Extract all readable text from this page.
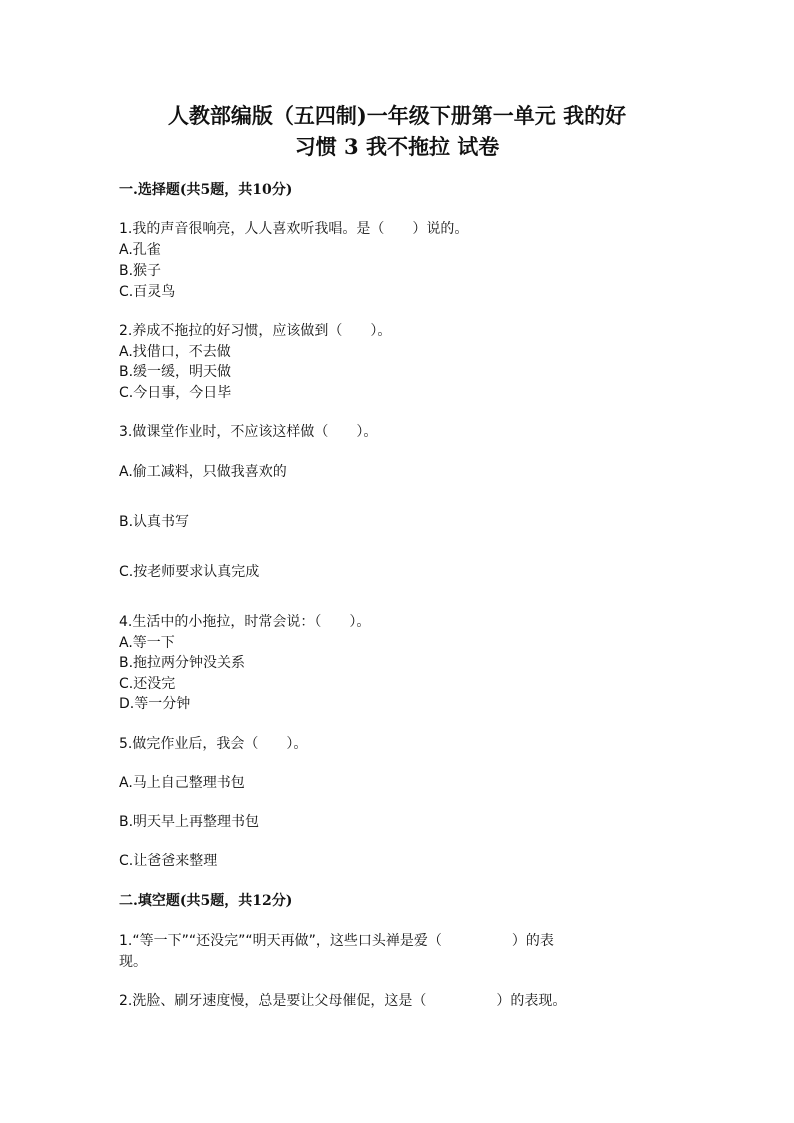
人教部编版（五四制)一年级下册第一单元 我的好
习惯 3 我不拖拉 试卷
一.选择题(共5题，共10分)
1.我的声音很响亮，人人喜欢听我唱。是（　　）说的。
A.孔雀
B.猴子
C.百灵鸟
2.养成不拖拉的好习惯，应该做到（　　）。
A.找借口，不去做
B.缓一缓，明天做
C.今日事，今日毕
3.做课堂作业时，不应该这样做（　　）。
A.偷工减料，只做我喜欢的
B.认真书写
C.按老师要求认真完成
4.生活中的小拖拉，时常会说：（　　）。
A.等一下
B.拖拉两分钟没关系
C.还没完
D.等一分钟
5.做完作业后，我会（　　）。
A.马上自己整理书包
B.明天早上再整理书包
C.让爸爸来整理
二.填空题(共5题，共12分)
1.“等一下”“还没完”“明天再做”，这些口头禅是爱（　　　　　）的表
现。
2.洗脸、刷牙速度慢，总是要让父母催促，这是（　　　　　）的表现。
